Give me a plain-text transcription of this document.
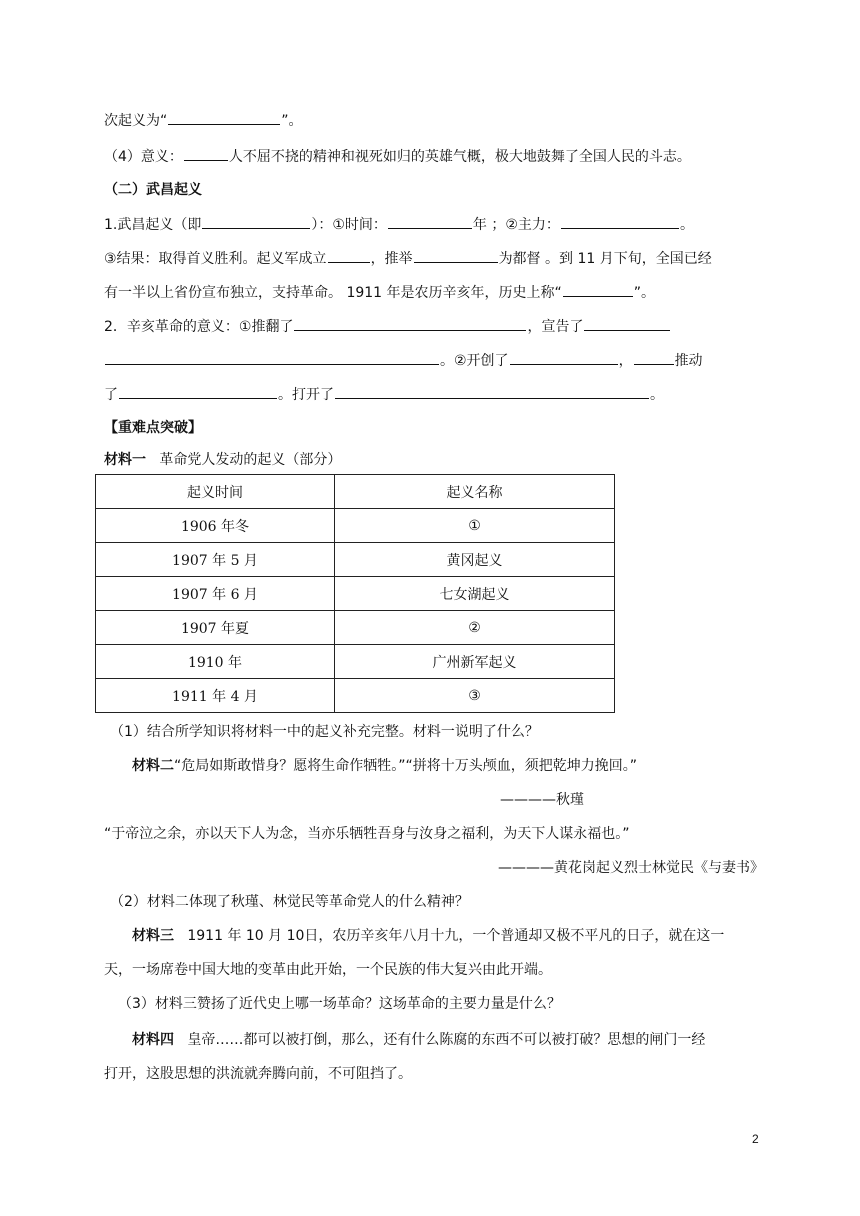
次起义为“	”。
（4）意义：	人不屈不挠的精神和视死如归的英雄气概，极大地鼓舞了全国人民的斗志。
（二）武昌起义
1.武昌起义（即	）：①时间：	年 ；②主力：	。
③结果：取得首义胜利。起义军成立	，推举	为都督 。到 11 月下旬，全国已经
有一半以上省份宣布独立，支持革命。 1911 年是农历辛亥年，历史上称“	”。
2．辛亥革命的意义：①推翻了	，宣告了
。②开创了	，	推动
了	。打开了	。
【重难点突破】
材料一 革命党人发动的起义（部分）
起义时间	起义名称
1906 年冬	①
1907 年 5 月	黄冈起义
1907 年 6 月	七女湖起义
1907 年夏	②
1910 年	广州新军起义
1911 年 4 月	③
（1）结合所学知识将材料一中的起义补充完整。材料一说明了什么？
材料二“危局如斯敢惜身？愿将生命作牺牲。”“拼将十万头颅血，须把乾坤力挽回。”
————秋瑾
“于帝泣之余，亦以天下人为念，当亦乐牺牲吾身与汝身之福利，为天下人谋永福也。”
————黄花岗起义烈士林觉民《与妻书》
（2）材料二体现了秋瑾、林觉民等革命党人的什么精神？
材料三 1911 年 10 月 10日，农历辛亥年八月十九，一个普通却又极不平凡的日子，就在这一
天，一场席卷中国大地的变革由此开始，一个民族的伟大复兴由此开端。
（3）材料三赞扬了近代史上哪一场革命？这场革命的主要力量是什么？
材料四 皇帝……都可以被打倒，那么，还有什么陈腐的东西不可以被打破？思想的闸门一经
打开，这股思想的洪流就奔腾向前，不可阻挡了。
2
